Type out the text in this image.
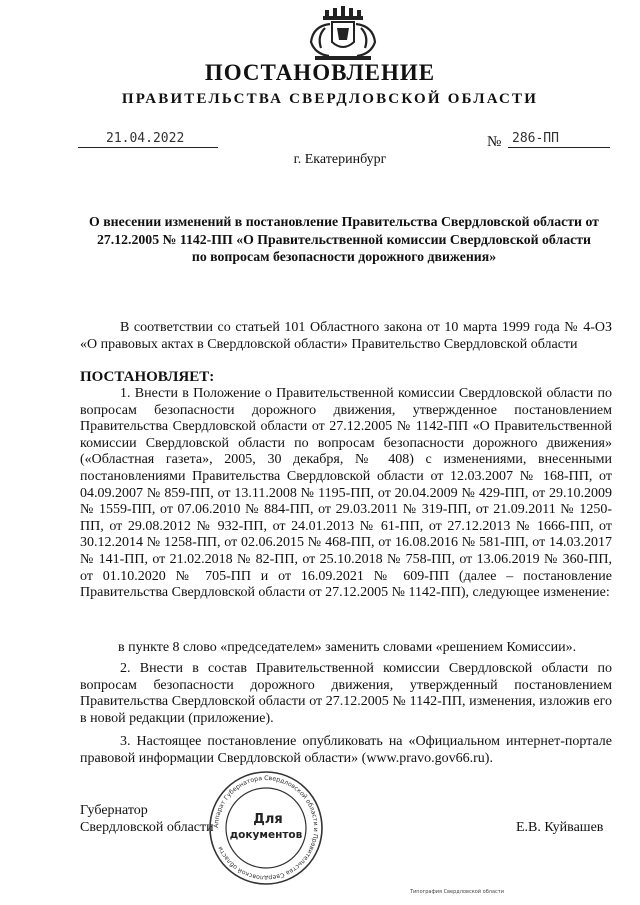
ПОСТАНОВЛЕНИЕ
ПРАВИТЕЛЬСТВА СВЕРДЛОВСКОЙ ОБЛАСТИ
21.04.2022	№ 286-ПП
г. Екатеринбург
О внесении изменений в постановление Правительства Свердловской области от 27.12.2005 № 1142-ПП «О Правительственной комиссии Свердловской области по вопросам безопасности дорожного движения»
В соответствии со статьей 101 Областного закона от 10 марта 1999 года № 4-ОЗ «О правовых актах в Свердловской области» Правительство Свердловской области
ПОСТАНОВЛЯЕТ:
1. Внести в Положение о Правительственной комиссии Свердловской области по вопросам безопасности дорожного движения, утвержденное постановлением Правительства Свердловской области от 27.12.2005 № 1142-ПП «О Правительственной комиссии Свердловской области по вопросам безопасности дорожного движения» («Областная газета», 2005, 30 декабря, № 408) с изменениями, внесенными постановлениями Правительства Свердловской области от 12.03.2007 № 168-ПП, от 04.09.2007 № 859-ПП, от 13.11.2008 № 1195-ПП, от 20.04.2009 № 429-ПП, от 29.10.2009 № 1559-ПП, от 07.06.2010 № 884-ПП, от 29.03.2011 № 319-ПП, от 21.09.2011 № 1250-ПП, от 29.08.2012 № 932-ПП, от 24.01.2013 № 61-ПП, от 27.12.2013 № 1666-ПП, от 30.12.2014 № 1258-ПП, от 02.06.2015 № 468-ПП, от 16.08.2016 № 581-ПП, от 14.03.2017 № 141-ПП, от 21.02.2018 № 82-ПП, от 25.10.2018 № 758-ПП, от 13.06.2019 № 360-ПП, от 01.10.2020 № 705-ПП и от 16.09.2021 № 609-ПП (далее – постановление Правительства Свердловской области от 27.12.2005 № 1142-ПП), следующее изменение:
в пункте 8 слово «председателем» заменить словами «решением Комиссии».
2. Внести в состав Правительственной комиссии Свердловской области по вопросам безопасности дорожного движения, утвержденный постановлением Правительства Свердловской области от 27.12.2005 № 1142-ПП, изменения, изложив его в новой редакции (приложение).
3. Настоящее постановление опубликовать на «Официальном интернет-портале правовой информации Свердловской области» (www.pravo.gov66.ru).
Губернатор
Свердловской области	Е.В. Куйвашев
Аппарат Губернатора Свердловской области и Правительства Свердловской области
Для
документов
Типография Свердловской области
